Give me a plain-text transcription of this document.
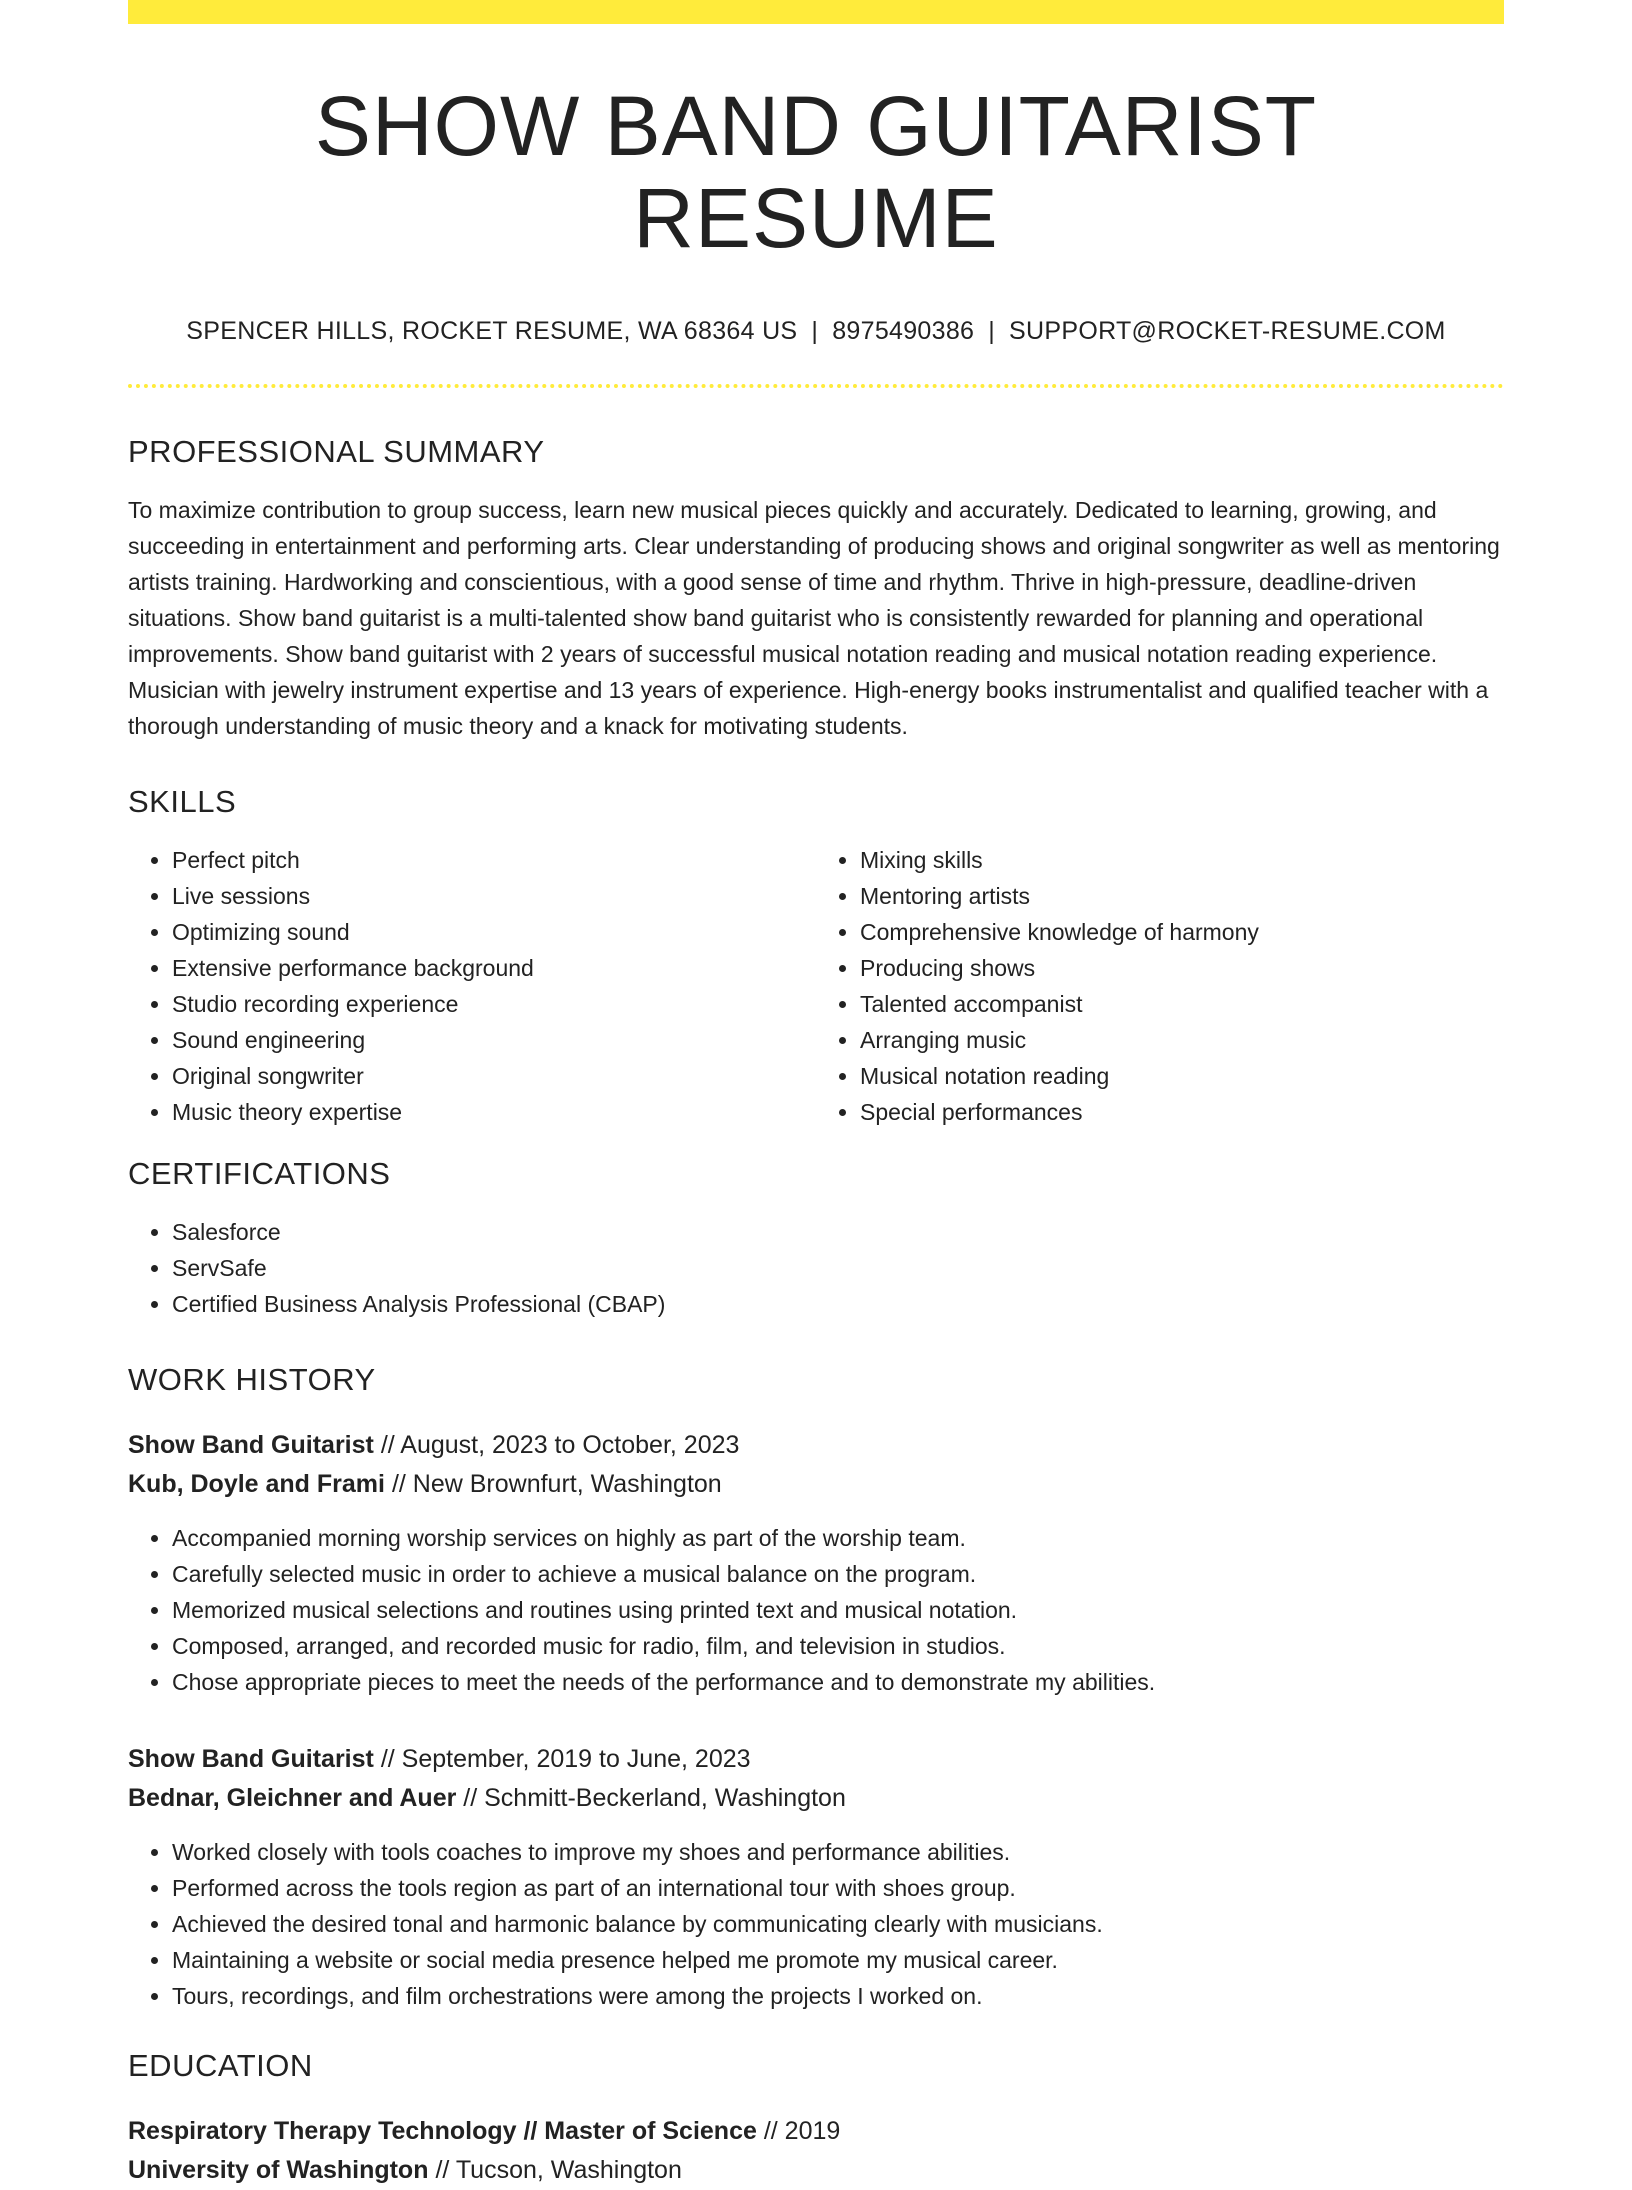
SHOW BAND GUITARIST RESUME
SPENCER HILLS, ROCKET RESUME, WA 68364 US | 8975490386 | SUPPORT@ROCKET-RESUME.COM
PROFESSIONAL SUMMARY

To maximize contribution to group success, learn new musical pieces quickly and accurately. Dedicated to learning, growing, and succeeding in entertainment and performing arts. Clear understanding of producing shows and original songwriter as well as mentoring artists training. Hardworking and conscientious, with a good sense of time and rhythm. Thrive in high-pressure, deadline-driven situations. Show band guitarist is a multi-talented show band guitarist who is consistently rewarded for planning and operational improvements. Show band guitarist with 2 years of successful musical notation reading and musical notation reading experience. Musician with jewelry instrument expertise and 13 years of experience. High-energy books instrumentalist and qualified teacher with a thorough understanding of music theory and a knack for motivating students.

SKILLS
• Perfect pitch
• Live sessions
• Optimizing sound
• Extensive performance background
• Studio recording experience
• Sound engineering
• Original songwriter
• Music theory expertise
• Mixing skills
• Mentoring artists
• Comprehensive knowledge of harmony
• Producing shows
• Talented accompanist
• Arranging music
• Musical notation reading
• Special performances
CERTIFICATIONS
• Salesforce
• ServSafe
• Certified Business Analysis Professional (CBAP)
WORK HISTORY
Show Band Guitarist // August, 2023 to October, 2023
Kub, Doyle and Frami // New Brownfurt, Washington
• Accompanied morning worship services on highly as part of the worship team.
• Carefully selected music in order to achieve a musical balance on the program.
• Memorized musical selections and routines using printed text and musical notation.
• Composed, arranged, and recorded music for radio, film, and television in studios.
• Chose appropriate pieces to meet the needs of the performance and to demonstrate my abilities.
Show Band Guitarist // September, 2019 to June, 2023
Bednar, Gleichner and Auer // Schmitt-Beckerland, Washington
• Worked closely with tools coaches to improve my shoes and performance abilities.
• Performed across the tools region as part of an international tour with shoes group.
• Achieved the desired tonal and harmonic balance by communicating clearly with musicians.
• Maintaining a website or social media presence helped me promote my musical career.
• Tours, recordings, and film orchestrations were among the projects I worked on.
EDUCATION
Respiratory Therapy Technology // Master of Science // 2019
University of Washington // Tucson, Washington
